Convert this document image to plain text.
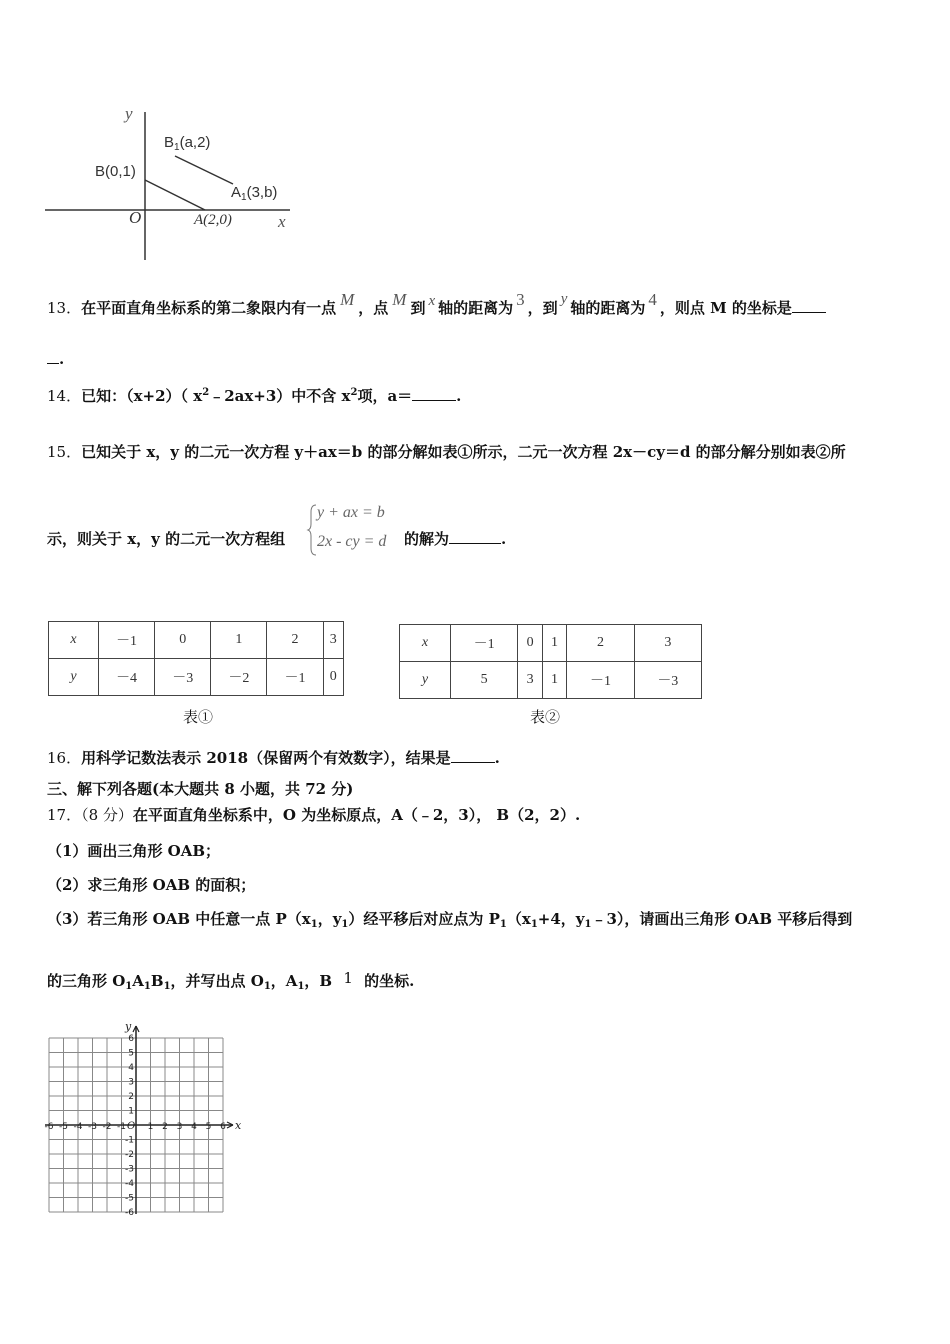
y
x
O
$B_1(a,2)$
B(0,1)
$A_1(3,b)$
A(2,0)
13．在平面直角坐标系的第二象限内有一点 M ，点 M 到 x 轴的距离为 3 ，到 y 轴的距离为 4 ，则点 M 的坐标是
.
14．已知：（x+2）（ $x^2﹣2ax+3$）中不含 $x^2$项，a＝	.
15．已知关于 x，y 的二元一次方程 y＋ax＝b 的部分解如表①所示，二元一次方程 2x－cy＝d 的部分解分别如表②所
示，则关于 x，y 的二元一次方程组
y + ax = b
2x - cy = d 的解为	.
x	－1	0	1	2	3
y	－4	－3	－2	－1	0
表①
x	－1	0	1	2	3
y	5	3	1	－1	－3
表②
16．用科学记数法表示 2018（保留两个有效数字），结果是	.
三、解下列各题(本大题共 8 小题，共 72 分)
17．（8 分）在平面直角坐标系中，O 为坐标原点，A（﹣2，3）， B（2，2）.
（1）画出三角形 OAB；
（2）求三角形 OAB 的面积；
（3）若三角形 OAB 中任意一点 $P(x_1$，$y_1$）经平移后对应点为 $P_1(x_1+4$，$y_1﹣3$），请画出三角形 OAB 平移后得到
的三角形 $O_1A_1B_1$，并写出点 $O_1$，$A_1$，B 1 的坐标.
-6 -5 -4 -3 -2 -1 1 2 3 4 5 6
6
5
4
3
2
1
-1
-2
-3
-4
-5
-6
x
y
O
